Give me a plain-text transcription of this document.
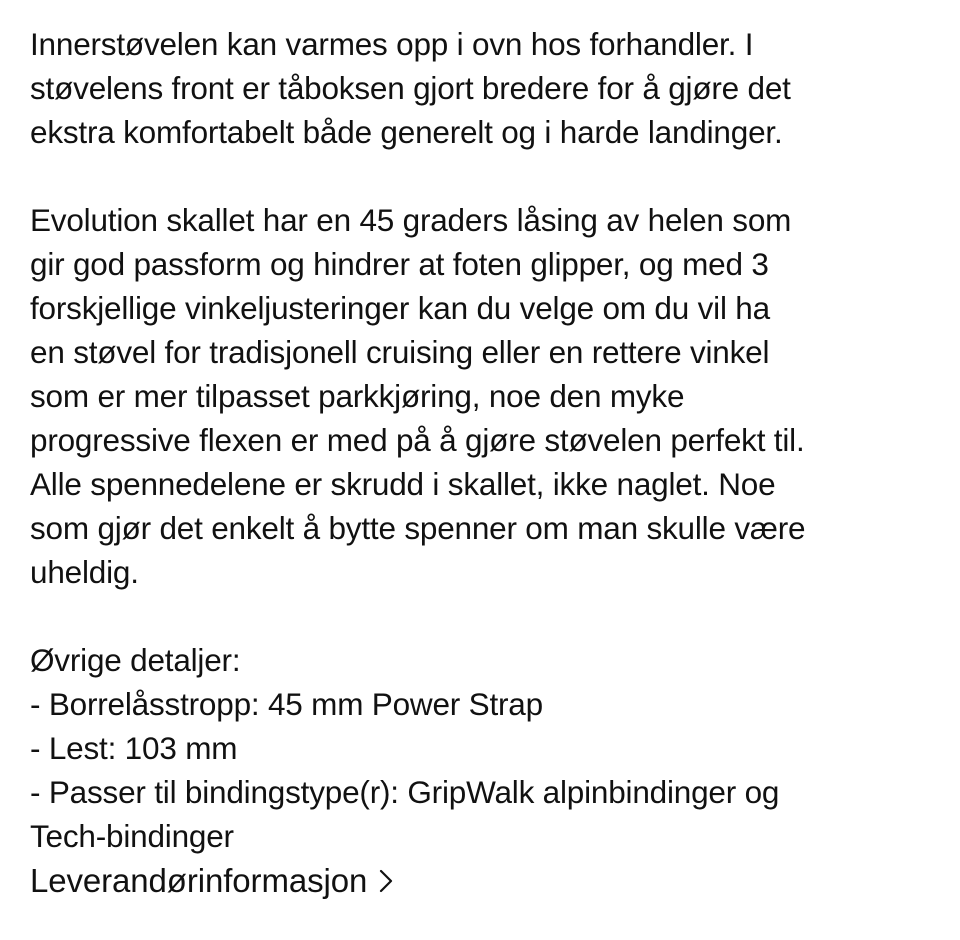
Innerstøvelen kan varmes opp i ovn hos forhandler. I
støvelens front er tåboksen gjort bredere for å gjøre det
ekstra komfortabelt både generelt og i harde landinger.

Evolution skallet har en 45 graders låsing av helen som
gir god passform og hindrer at foten glipper, og med 3
forskjellige vinkeljusteringer kan du velge om du vil ha
en støvel for tradisjonell cruising eller en rettere vinkel
som er mer tilpasset parkkjøring, noe den myke
progressive flexen er med på å gjøre støvelen perfekt til.
Alle spennedelene er skrudd i skallet, ikke naglet. Noe
som gjør det enkelt å bytte spenner om man skulle være
uheldig.

Øvrige detaljer:
- Borrelåsstropp: 45 mm Power Strap
- Lest: 103 mm
- Passer til bindingstype(r): GripWalk alpinbindinger og
Tech-bindinger
Leverandørinformasjon
